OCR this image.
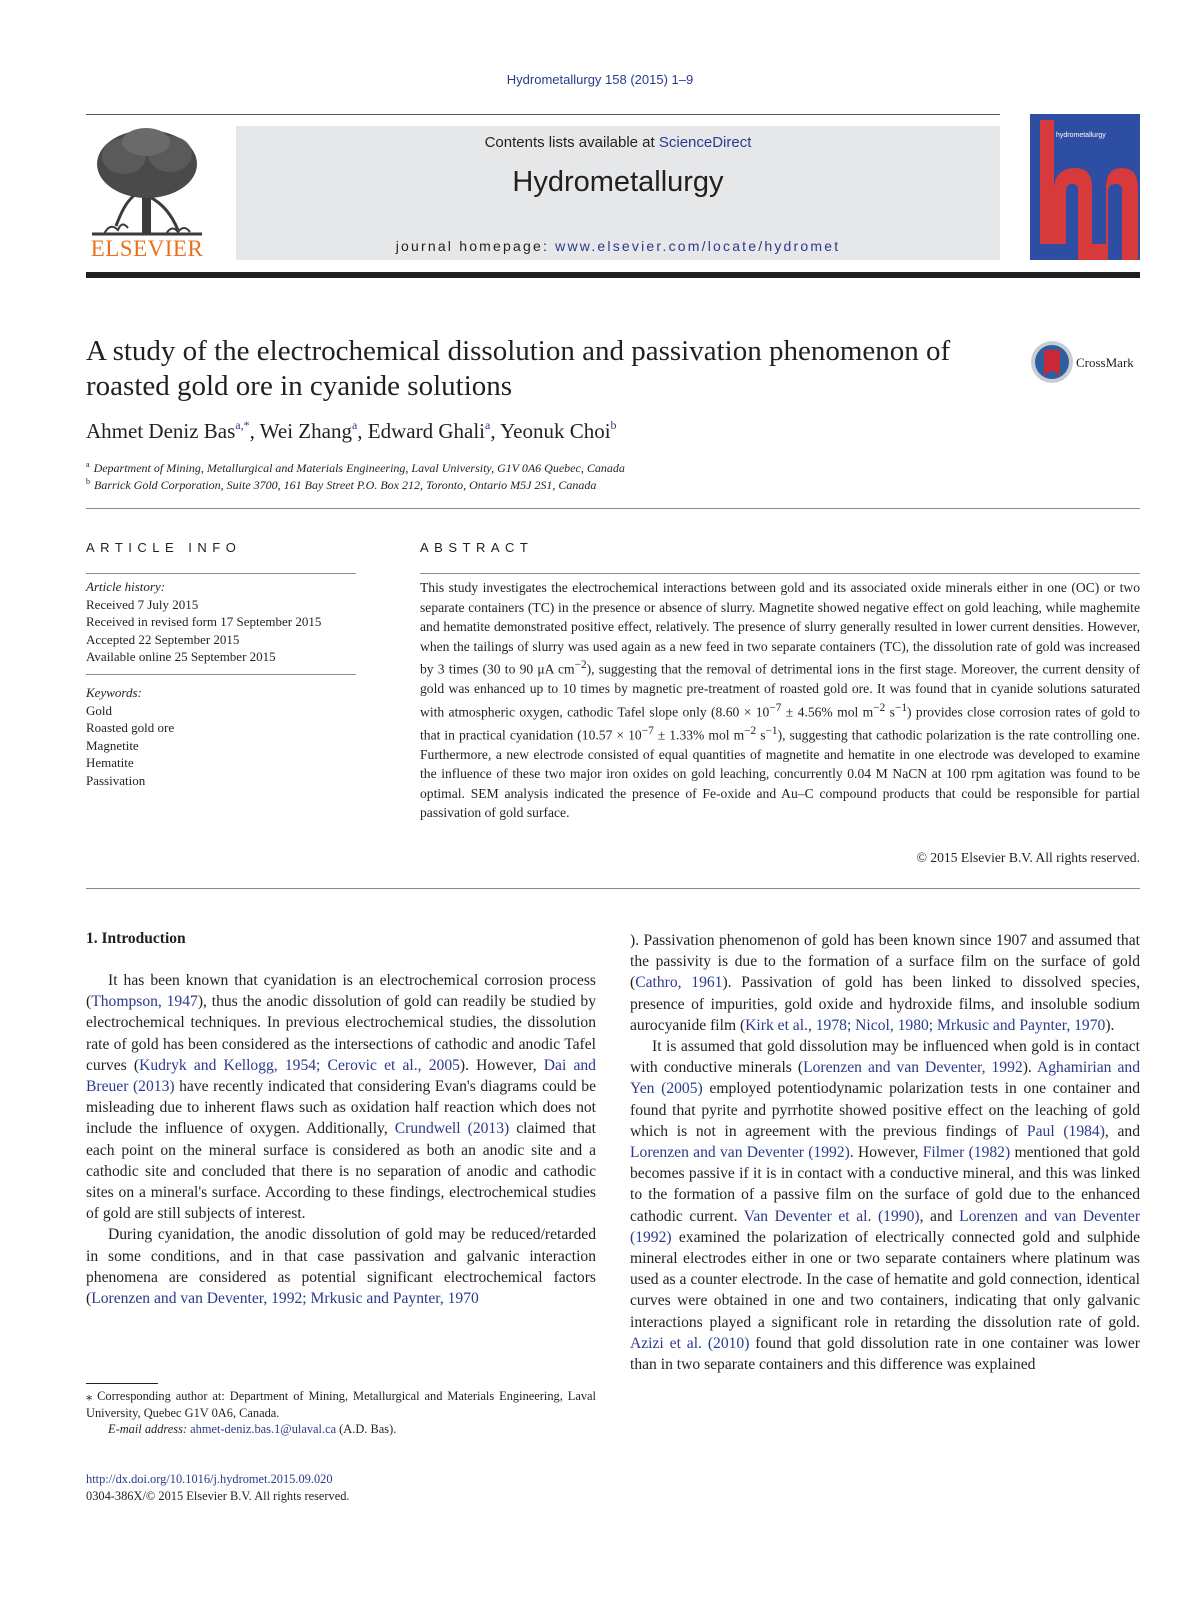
Hydrometallurgy 158 (2015) 1–9
ELSEVIER
Contents lists available at ScienceDirect
Hydrometallurgy
journal homepage: www.elsevier.com/locate/hydromet
hydrometallurgy
A study of the electrochemical dissolution and passivation phenomenon of roasted gold ore in cyanide solutions
CrossMark
Ahmet Deniz Bas$^{a,*}$, Wei Zhang$^a$, Edward Ghali$^a$, Yeonuk Choi$^b$
$^a$ Department of Mining, Metallurgical and Materials Engineering, Laval University, G1V 0A6 Quebec, Canada
$^b$ Barrick Gold Corporation, Suite 3700, 161 Bay Street P.O. Box 212, Toronto, Ontario M5J 2S1, Canada
ARTICLE INFO
Article history:
Received 7 July 2015
Received in revised form 17 September 2015
Accepted 22 September 2015
Available online 25 September 2015
Keywords:
Gold
Roasted gold ore
Magnetite
Hematite
Passivation
ABSTRACT
This study investigates the electrochemical interactions between gold and its associated oxide minerals either in one (OC) or two separate containers (TC) in the presence or absence of slurry. Magnetite showed negative effect on gold leaching, while maghemite and hematite demonstrated positive effect, relatively. The presence of slurry generally resulted in lower current densities. However, when the tailings of slurry was used again as a new feed in two separate containers (TC), the dissolution rate of gold was increased by 3 times (30 to 90 μA $cm^{-2}$), suggesting that the removal of detrimental ions in the first stage. Moreover, the current density of gold was enhanced up to 10 times by magnetic pre-treatment of roasted gold ore. It was found that in cyanide solutions saturated with atmospheric oxygen, cathodic Tafel slope only ($8.60 \times 10^{-7} \pm 4.56\%$ mol $m^{-2}$ $s^{-1}$) provides close corrosion rates of gold to that in practical cyanidation ($10.57 \times 10^{-7} \pm 1.33\%$ mol $m^{-2}$ $s^{-1}$), suggesting that cathodic polarization is the rate controlling one. Furthermore, a new electrode consisted of equal quantities of magnetite and hematite in one electrode was developed to examine the influence of these two major iron oxides on gold leaching, concurrently 0.04 M NaCN at 100 rpm agitation was found to be optimal. SEM analysis indicated the presence of Fe-oxide and Au–C compound products that could be responsible for partial passivation of gold surface.
© 2015 Elsevier B.V. All rights reserved.
1. Introduction

It has been known that cyanidation is an electrochemical corrosion process (Thompson, 1947), thus the anodic dissolution of gold can readily be studied by electrochemical techniques. In previous electrochemical studies, the dissolution rate of gold has been considered as the intersections of cathodic and anodic Tafel curves (Kudryk and Kellogg, 1954; Cerovic et al., 2005). However, Dai and Breuer (2013) have recently indicated that considering Evan's diagrams could be misleading due to inherent flaws such as oxidation half reaction which does not include the influence of oxygen. Additionally, Crundwell (2013) claimed that each point on the mineral surface is considered as both an anodic site and a cathodic site and concluded that there is no separation of anodic and cathodic sites on a mineral's surface. According to these findings, electrochemical studies of gold are still subjects of interest.

During cyanidation, the anodic dissolution of gold may be reduced/retarded in some conditions, and in that case passivation and galvanic interaction phenomena are considered as potential significant electrochemical factors (Lorenzen and van Deventer, 1992; Mrkusic and Paynter, 1970

). Passivation phenomenon of gold has been known since 1907 and assumed that the passivity is due to the formation of a surface film on the surface of gold (Cathro, 1961). Passivation of gold has been linked to dissolved species, presence of impurities, gold oxide and hydroxide films, and insoluble sodium aurocyanide film (Kirk et al., 1978; Nicol, 1980; Mrkusic and Paynter, 1970).

It is assumed that gold dissolution may be influenced when gold is in contact with conductive minerals (Lorenzen and van Deventer, 1992). Aghamirian and Yen (2005) employed potentiodynamic polarization tests in one container and found that pyrite and pyrrhotite showed positive effect on the leaching of gold which is not in agreement with the previous findings of Paul (1984), and Lorenzen and van Deventer (1992). However, Filmer (1982) mentioned that gold becomes passive if it is in contact with a conductive mineral, and this was linked to the formation of a passive film on the surface of gold due to the enhanced cathodic current. Van Deventer et al. (1990), and Lorenzen and van Deventer (1992) examined the polarization of electrically connected gold and sulphide mineral electrodes either in one or two separate containers where platinum was used as a counter electrode. In the case of hematite and gold connection, identical curves were obtained in one and two containers, indicating that only galvanic interactions played a significant role in retarding the dissolution rate of gold. Azizi et al. (2010) found that gold dissolution rate in one container was lower than in two separate containers and this difference was explained

⁎ Corresponding author at: Department of Mining, Metallurgical and Materials Engineering, Laval University, Quebec G1V 0A6, Canada.
E-mail address: ahmet-deniz.bas.1@ulaval.ca (A.D. Bas).
http://dx.doi.org/10.1016/j.hydromet.2015.09.020
0304-386X/© 2015 Elsevier B.V. All rights reserved.
